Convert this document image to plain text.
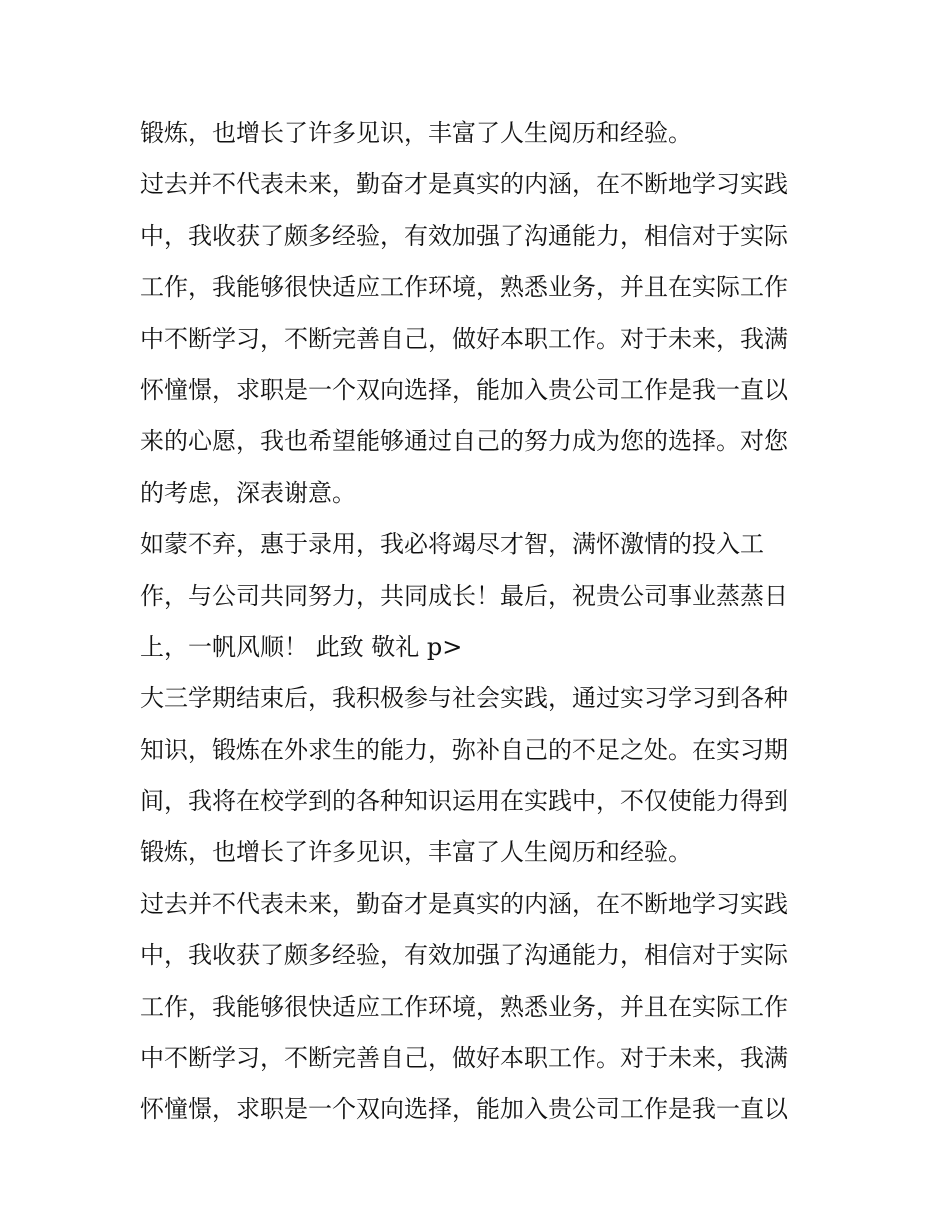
锻炼，也增长了许多见识，丰富了人生阅历和经验。
过去并不代表未来，勤奋才是真实的内涵，在不断地学习实践
中，我收获了颇多经验，有效加强了沟通能力，相信对于实际
工作，我能够很快适应工作环境，熟悉业务，并且在实际工作
中不断学习，不断完善自己，做好本职工作。对于未来，我满
怀憧憬，求职是一个双向选择，能加入贵公司工作是我一直以
来的心愿，我也希望能够通过自己的努力成为您的选择。对您
的考虑，深表谢意。
如蒙不弃，惠于录用，我必将竭尽才智，满怀激情的投入工
作，与公司共同努力，共同成长！最后，祝贵公司事业蒸蒸日
上，一帆风顺！ 此致 敬礼 p>
大三学期结束后，我积极参与社会实践，通过实习学习到各种
知识，锻炼在外求生的能力，弥补自己的不足之处。在实习期
间，我将在校学到的各种知识运用在实践中，不仅使能力得到
锻炼，也增长了许多见识，丰富了人生阅历和经验。
过去并不代表未来，勤奋才是真实的内涵，在不断地学习实践
中，我收获了颇多经验，有效加强了沟通能力，相信对于实际
工作，我能够很快适应工作环境，熟悉业务，并且在实际工作
中不断学习，不断完善自己，做好本职工作。对于未来，我满
怀憧憬，求职是一个双向选择，能加入贵公司工作是我一直以
